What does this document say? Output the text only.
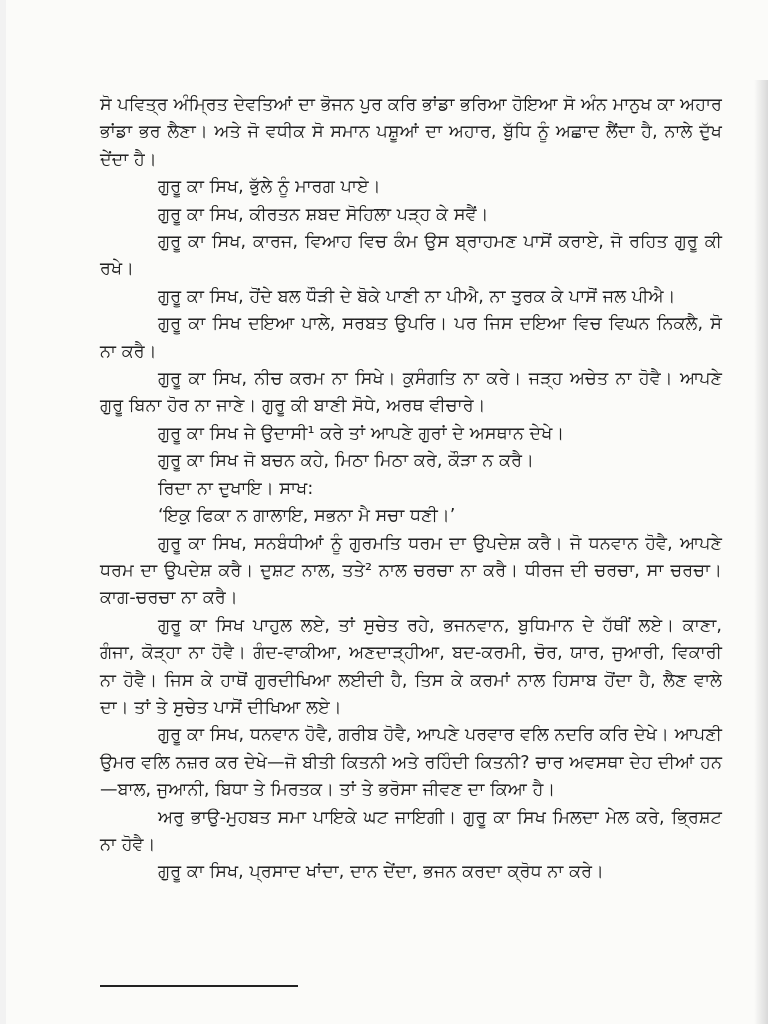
ਸੋ ਪਵਿਤ੍ਰ ਅੰਮ੍ਰਿਤ ਦੇਵਤਿਆਂ ਦਾ ਭੋਜਨ ਪੁਰ ਕਰਿ ਭਾਂਡਾ ਭਰਿਆ ਹੋਇਆ ਸੋ ਅੰਨ ਮਾਨੁਖ ਕਾ ਅਹਾਰ ਭਾਂਡਾ ਭਰ ਲੈਣਾ। ਅਤੇ ਜੋ ਵਧੀਕ ਸੋ ਸਮਾਨ ਪਸ਼ੂਆਂ ਦਾ ਅਹਾਰ, ਬੁੱਧਿ ਨੂੰ ਅਛਾਦ ਲੈਂਦਾ ਹੈ, ਨਾਲੇ ਦੁੱਖ ਦੇਂਦਾ ਹੈ।

ਗੁਰੂ ਕਾ ਸਿਖ, ਭੁੱਲੇ ਨੂੰ ਮਾਰਗ ਪਾਏ।

ਗੁਰੂ ਕਾ ਸਿਖ, ਕੀਰਤਨ ਸ਼ਬਦ ਸੋਹਿਲਾ ਪੜ੍ਹ ਕੇ ਸਵੈਂ।

ਗੁਰੂ ਕਾ ਸਿਖ, ਕਾਰਜ, ਵਿਆਹ ਵਿਚ ਕੰਮ ਉਸ ਬ੍ਰਾਹਮਣ ਪਾਸੋਂ ਕਰਾਏ, ਜੋ ਰਹਿਤ ਗੁਰੂ ਕੀ ਰਖੇ।

ਗੁਰੂ ਕਾ ਸਿਖ, ਹੋਂਦੇ ਬਲ ਧੌੜੀ ਦੇ ਬੋਕੇ ਪਾਣੀ ਨਾ ਪੀਐ, ਨਾ ਤੁਰਕ ਕੇ ਪਾਸੋਂ ਜਲ ਪੀਐ।

ਗੁਰੂ ਕਾ ਸਿਖ ਦਇਆ ਪਾਲੇ, ਸਰਬਤ ਉਪਰਿ। ਪਰ ਜਿਸ ਦਇਆ ਵਿਚ ਵਿਘਨ ਨਿਕਲੈ, ਸੋ ਨਾ ਕਰੈ।

ਗੁਰੂ ਕਾ ਸਿਖ, ਨੀਚ ਕਰਮ ਨਾ ਸਿਖੇ। ਕੁਸੰਗਤਿ ਨਾ ਕਰੇ। ਜੜ੍ਹ ਅਚੇਤ ਨਾ ਹੋਵੈ। ਆਪਣੇ ਗੁਰੂ ਬਿਨਾ ਹੋਰ ਨਾ ਜਾਣੇ। ਗੁਰੂ ਕੀ ਬਾਣੀ ਸੋਧੇ, ਅਰਥ ਵੀਚਾਰੇ।

ਗੁਰੂ ਕਾ ਸਿਖ ਜੇ ਉਦਾਸੀ¹ ਕਰੇ ਤਾਂ ਆਪਣੇ ਗੁਰਾਂ ਦੇ ਅਸਥਾਨ ਦੇਖੇ।

ਗੁਰੂ ਕਾ ਸਿਖ ਜੋ ਬਚਨ ਕਹੇ, ਮਿਠਾ ਮਿਠਾ ਕਰੇ, ਕੌੜਾ ਨ ਕਰੈ।

ਰਿਦਾ ਨਾ ਦੁਖਾਇ। ਸਾਖ:

‘ਇਕੁ ਫਿਕਾ ਨ ਗਾਲਾਇ, ਸਭਨਾ ਮੈ ਸਚਾ ਧਣੀ।’

ਗੁਰੂ ਕਾ ਸਿਖ, ਸਨਬੰਧੀਆਂ ਨੂੰ ਗੁਰਮਤਿ ਧਰਮ ਦਾ ਉਪਦੇਸ਼ ਕਰੈ। ਜੋ ਧਨਵਾਨ ਹੋਵੈ, ਆਪਣੇ ਧਰਮ ਦਾ ਉਪਦੇਸ਼ ਕਰੈ। ਦੁਸ਼ਟ ਨਾਲ, ਤਤੇ² ਨਾਲ ਚਰਚਾ ਨਾ ਕਰੈ। ਧੀਰਜ ਦੀ ਚਰਚਾ, ਸਾ ਚਰਚਾ। ਕਾਗ-ਚਰਚਾ ਨਾ ਕਰੈ।

ਗੁਰੂ ਕਾ ਸਿਖ ਪਾਹੁਲ ਲਏ, ਤਾਂ ਸੁਚੇਤ ਰਹੇ, ਭਜਨਵਾਨ, ਬੁਧਿਮਾਨ ਦੇ ਹੱਥੀਂ ਲਏ। ਕਾਣਾ, ਗੰਜਾ, ਕੋੜ੍ਹਾ ਨਾ ਹੋਵੈ। ਗੰਦ-ਵਾਕੀਆ, ਅਣਦਾੜ੍ਹੀਆ, ਬਦ-ਕਰਮੀ, ਚੋਰ, ਯਾਰ, ਜੁਆਰੀ, ਵਿਕਾਰੀ ਨਾ ਹੋਵੈ। ਜਿਸ ਕੇ ਹਾਥੋਂ ਗੁਰਦੀਖਿਆ ਲਈਦੀ ਹੈ, ਤਿਸ ਕੇ ਕਰਮਾਂ ਨਾਲ ਹਿਸਾਬ ਹੋਂਦਾ ਹੈ, ਲੈਣ ਵਾਲੇ ਦਾ। ਤਾਂ ਤੇ ਸੁਚੇਤ ਪਾਸੋਂ ਦੀਖਿਆ ਲਏ।

ਗੁਰੂ ਕਾ ਸਿਖ, ਧਨਵਾਨ ਹੋਵੈ, ਗਰੀਬ ਹੋਵੈ, ਆਪਣੇ ਪਰਵਾਰ ਵਲਿ ਨਦਰਿ ਕਰਿ ਦੇਖੇ। ਆਪਣੀ ਉਮਰ ਵਲਿ ਨਜ਼ਰ ਕਰ ਦੇਖੇ—ਜੋ ਬੀਤੀ ਕਿਤਨੀ ਅਤੇ ਰਹਿੰਦੀ ਕਿਤਨੀ? ਚਾਰ ਅਵਸਥਾ ਦੇਹ ਦੀਆਂ ਹਨ—ਬਾਲ, ਜੁਆਨੀ, ਬਿਧਾ ਤੇ ਮਿਰਤਕ। ਤਾਂ ਤੇ ਭਰੋਸਾ ਜੀਵਣ ਦਾ ਕਿਆ ਹੈ।

ਅਰੁ ਭਾਉ-ਮੁਹਬਤ ਸਮਾ ਪਾਇਕੇ ਘਟ ਜਾਇਗੀ। ਗੁਰੂ ਕਾ ਸਿਖ ਮਿਲਦਾ ਮੇਲ ਕਰੇ, ਭ੍ਰਿਸ਼ਟ ਨਾ ਹੋਵੈ।

ਗੁਰੂ ਕਾ ਸਿਖ, ਪ੍ਰਸਾਦ ਖਾਂਦਾ, ਦਾਨ ਦੇਂਦਾ, ਭਜਨ ਕਰਦਾ ਕ੍ਰੋਧ ਨਾ ਕਰੇ।
